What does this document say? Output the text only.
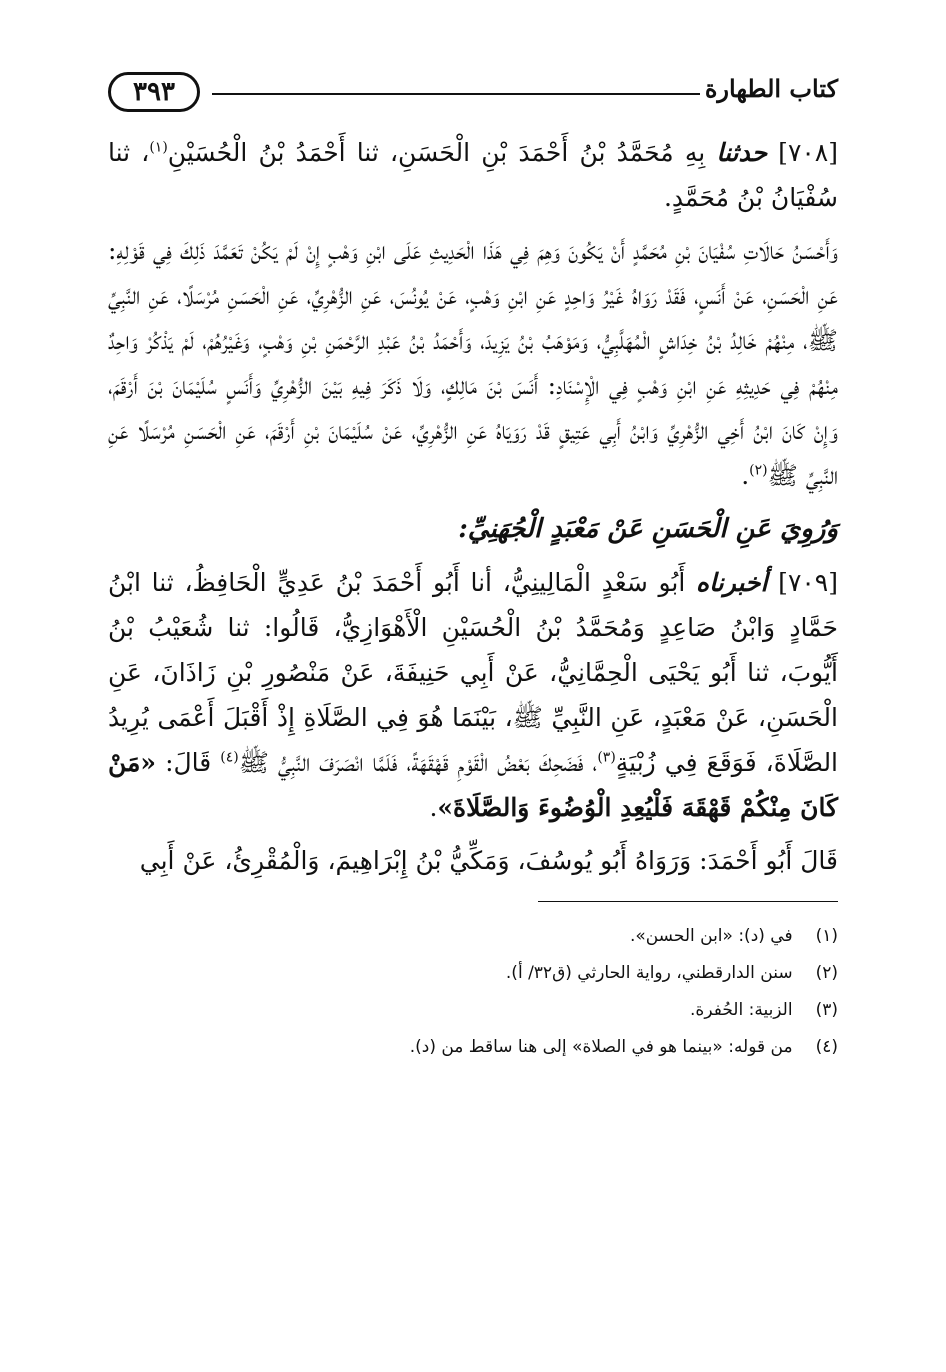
كتاب الطهارة
٣٩٣

[٧٠٨] حدثنا بِهِ مُحَمَّدُ بْنُ أَحْمَدَ بْنِ الْحَسَنِ، ثنا أَحْمَدُ بْنُ الْحُسَيْنِ$^{(١)}$، ثنا سُفْيَانُ بْنُ مُحَمَّدٍ.

وَأَحْسَنُ حَالَاتِ سُفْيَانَ بْنِ مُحَمَّدٍ أَنْ يَكُونَ وَهِمَ فِي هَذَا الْحَدِيثِ عَلَى ابْنِ وَهْبٍ إِنْ لَمْ يَكُنْ تَعَمَّدَ ذَلِكَ فِي قَوْلِهِ: عَنِ الْحَسَنِ، عَنْ أَنَسٍ، فَقَدْ رَوَاهُ غَيْرُ وَاحِدٍ عَنِ ابْنِ وَهْبٍ، عَنْ يُونُسَ، عَنِ الزُّهْرِيِّ، عَنِ الْحَسَنِ مُرْسَلًا، عَنِ النَّبِيِّ ﷺ، مِنْهُمْ خَالِدُ بْنُ خِدَاشٍ الْمُهَلَّبِيُّ، وَمَوْهَبُ بْنُ يَزِيدَ، وَأَحْمَدُ بْنُ عَبْدِ الرَّحْمَنِ بْنِ وَهْبٍ، وَغَيْرُهُمْ، لَمْ يَذْكُرْ وَاحِدٌ مِنْهُمْ فِي حَدِيثِهِ عَنِ ابْنِ وَهْبٍ فِي الْإِسْنَادِ: أَنَسَ بْنَ مَالِكٍ، وَلَا ذَكَرَ فِيهِ بَيْنَ الزُّهْرِيِّ وَأَنَسٍ سُلَيْمَانَ بْنَ أَرْقَمَ، وَإِنْ كَانَ ابْنُ أَخِي الزُّهْرِيِّ وَابْنُ أَبِي عَتِيقٍ قَدْ رَوَيَاهُ عَنِ الزُّهْرِيِّ، عَنْ سُلَيْمَانَ بْنِ أَرْقَمَ، عَنِ الْحَسَنِ مُرْسَلًا عَنِ النَّبِيِّ ﷺ$^{(٢)}$.

وَرُوِيَ عَنِ الْحَسَنِ عَنْ مَعْبَدٍ الْجُهَنِيِّ:

[٧٠٩] أخبرناه أَبُو سَعْدٍ الْمَالِينِيُّ، أنا أَبُو أَحْمَدَ بْنُ عَدِيٍّ الْحَافِظُ، ثنا ابْنُ حَمَّادٍ وَابْنُ صَاعِدٍ وَمُحَمَّدُ بْنُ الْحُسَيْنِ الْأَهْوَازِيُّ، قَالُوا: ثنا شُعَيْبُ بْنُ أَيُّوبَ، ثنا أَبُو يَحْيَى الْحِمَّانِيُّ، عَنْ أَبِي حَنِيفَةَ، عَنْ مَنْصُورِ بْنِ زَاذَانَ، عَنِ الْحَسَنِ، عَنْ مَعْبَدٍ، عَنِ النَّبِيِّ ﷺ، بَيْنَمَا هُوَ فِي الصَّلَاةِ إِذْ أَقْبَلَ أَعْمَى يُرِيدُ الصَّلَاةَ، فَوَقَعَ فِي زُبْيَةٍ$^{(٣)}$، فَضَحِكَ بَعْضُ الْقَوْمِ قَهْقَهَةً، فَلَمَّا انْصَرَفَ النَّبِيُّ ﷺ$^{(٤)}$ قَالَ: «مَنْ كَانَ مِنْكُمْ قَهْقَهَ فَلْيُعِدِ الْوُضُوءَ وَالصَّلَاةَ».

قَالَ أَبُو أَحْمَدَ: وَرَوَاهُ أَبُو يُوسُفَ، وَمَكِّيُّ بْنُ إِبْرَاهِيمَ، وَالْمُقْرِئُ، عَنْ أَبِي

(١) في (د): «ابن الحسن».
(٢) سنن الدارقطني، رواية الحارثي (ق٣٢/ أ).
(٣) الزبية: الحُفرة.
(٤) من قوله: «بينما هو في الصلاة» إلى هنا ساقط من (د).
